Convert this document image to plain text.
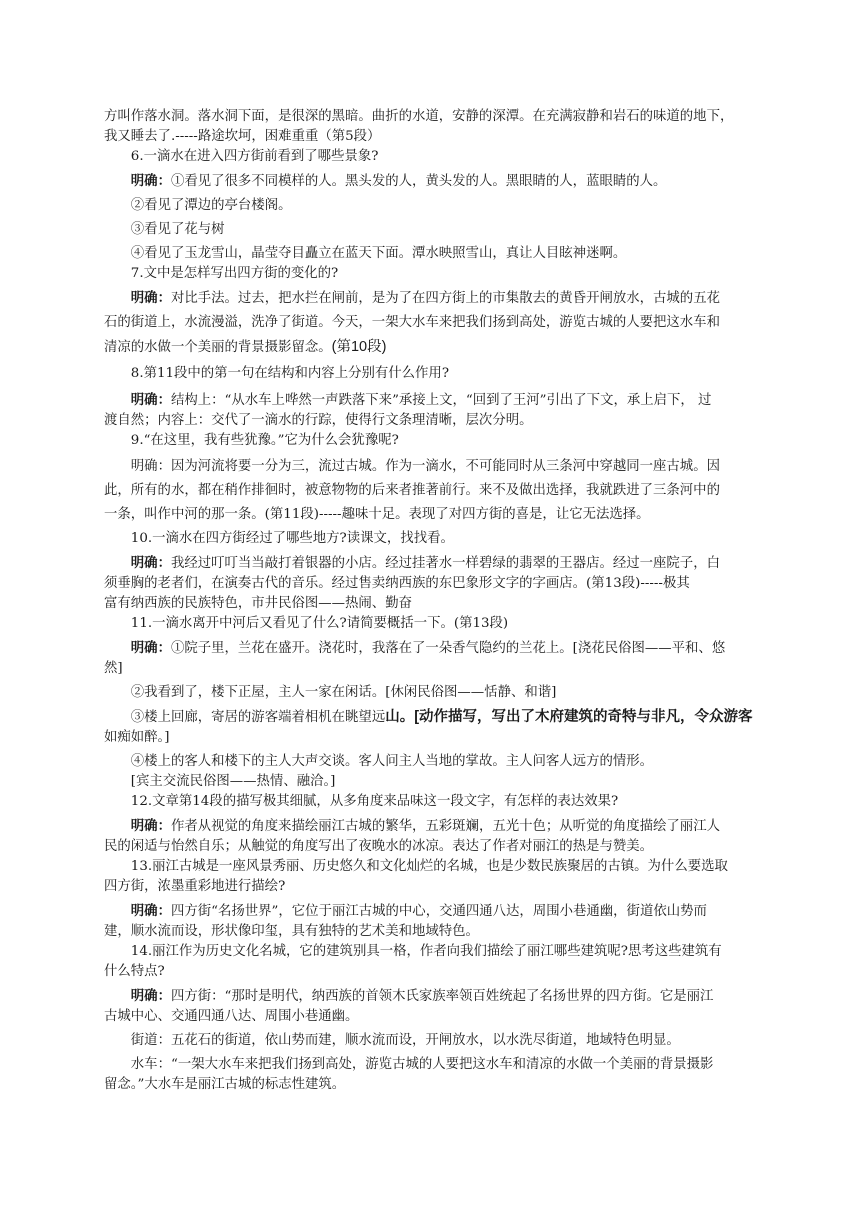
方叫作落水洞。落水洞下面，是很深的黑暗。曲折的水道，安静的深潭。在充满寂静和岩石的味道的地下，

我又睡去了.-----路途坎坷，困难重重（第5段）

6.一滴水在进入四方街前看到了哪些景象?

明确：①看见了很多不同模样的人。黑头发的人，黄头发的人。黑眼睛的人，蓝眼睛的人。

②看见了潭边的亭台楼阁。

③看见了花与树

④看见了玉龙雪山，晶莹夺目矗立在蓝天下面。潭水映照雪山，真让人目眩神迷啊。

7.文中是怎样写出四方街的变化的?

明确：对比手法。过去，把水拦在闸前，是为了在四方街上的市集散去的黄昏开闸放水，古城的五花

石的街道上，水流漫溢，洗净了街道。今天，一架大水车来把我们扬到高处，游览古城的人要把这水车和

清凉的水做一个美丽的背景摄影留念。(第10段)

8.第11段中的第一句在结构和内容上分别有什么作用?

明确：结构上：“从水车上哗然一声跌落下来”承接上文，“回到了王河”引出了下文，承上启下， 过

渡自然；内容上：交代了一滴水的行踪，使得行文条理清晰，层次分明。

9.“在这里，我有些犹豫。”它为什么会犹豫呢?

明确：因为河流将要一分为三，流过古城。作为一滴水，不可能同时从三条河中穿越同一座古城。因

此，所有的水，都在稍作排徊时，被意物物的后来者推著前行。来不及做出选择，我就跌进了三条河中的

一条，叫作中河的那一条。(第11段)-----趣味十足。表现了对四方街的喜是，让它无法选择。

10.一滴水在四方街经过了哪些地方?读课文，找找看。

明确：我经过叮叮当当敲打着银器的小店。经过挂著水一样碧绿的翡翠的王器店。经过一座院子，白

须垂胸的老者们，在演奏古代的音乐。经过售卖纳西族的东巴象形文字的字画店。(第13段)-----极其

富有纳西族的民族特色，市井民俗图——热闹、勤奋

11.一滴水离开中河后又看见了什么?请简要概括一下。(第13段)

明确：①院子里，兰花在盛开。浇花时，我落在了一朵香气隐约的兰花上。[浇花民俗图——平和、悠

然]

②我看到了，楼下正屋，主人一家在闲话。[休闲民俗图——恬静、和谐]

③楼上回廊，寄居的游客端着相机在眺望远山。[动作描写，写出了木府建筑的奇特与非凡，令众游客

如痴如醉。]

④楼上的客人和楼下的主人大声交谈。客人问主人当地的掌故。主人问客人远方的情形。

[宾主交流民俗图——热情、融洽。]

12.文章第14段的描写极其细腻，从多角度来品味这一段文字，有怎样的表达效果?

明确：作者从视觉的角度来描绘丽江古城的繁华，五彩斑斓，五光十色；从听觉的角度描绘了丽江人

民的闲适与怡然自乐；从触觉的角度写出了夜晚水的冰凉。表达了作者对丽江的热是与赞美。

13.丽江古城是一座风景秀丽、历史悠久和文化灿烂的名城，也是少数民族聚居的古镇。为什么要选取

四方街，浓墨重彩地进行描绘?

明确：四方街“名扬世界”，它位于丽江古城的中心，交通四通八达，周围小巷通幽，街道依山势而

建，顺水流而设，形状像印玺，具有独特的艺术美和地域特色。

14.丽江作为历史文化名城，它的建筑别具一格，作者向我们描绘了丽江哪些建筑呢?思考这些建筑有

什么特点?

明确：四方街：“那时是明代，纳西族的首领木氏家族率领百姓统起了名扬世界的四方街。它是丽江

古城中心、交通四通八达、周围小巷通幽。

街道：五花石的街道，依山势而建，顺水流而设，开闸放水，以水洗尽街道，地域特色明显。

水车：“一架大水车来把我们扬到高处，游览古城的人要把这水车和清凉的水做一个美丽的背景摄影

留念。”大水车是丽江古城的标志性建筑。
